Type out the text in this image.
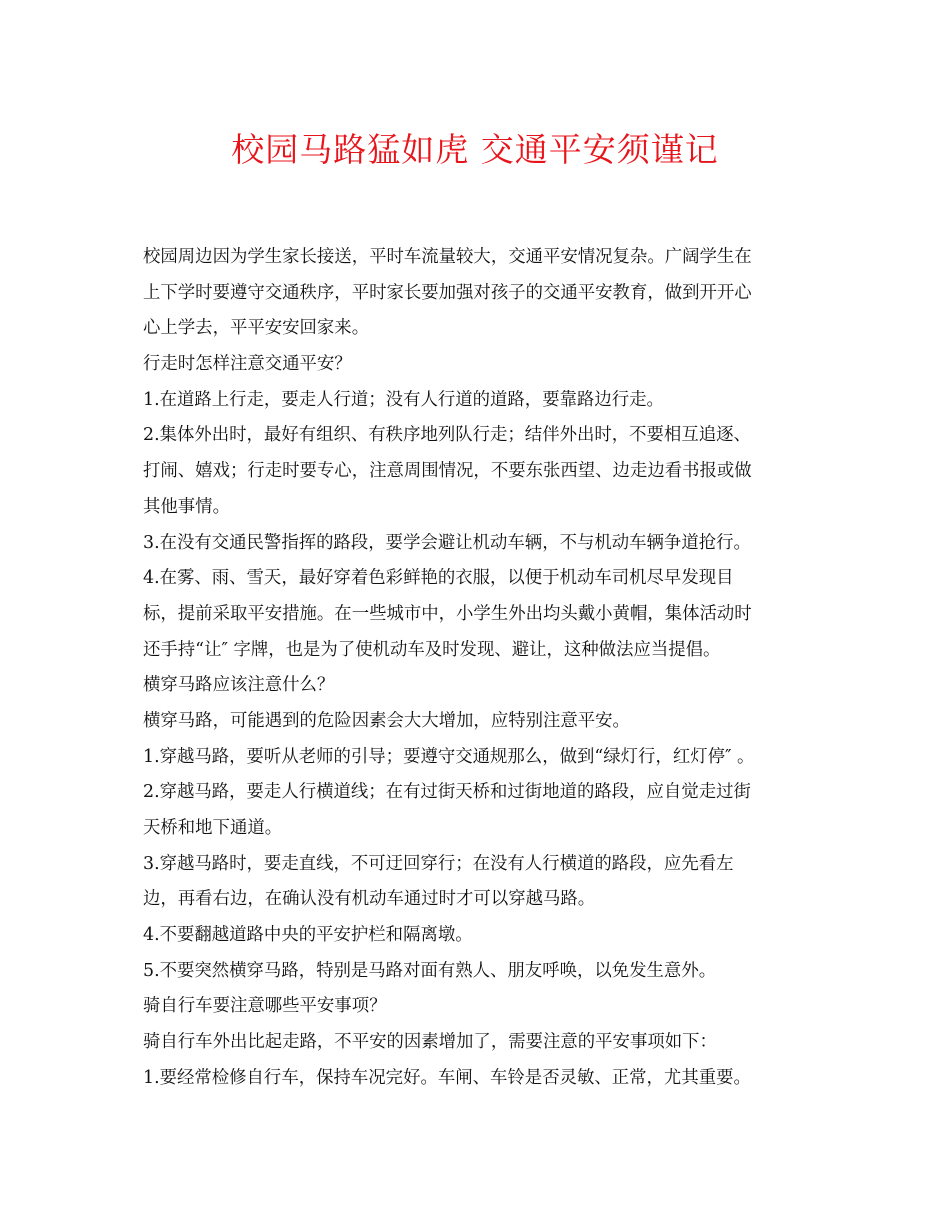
校园马路猛如虎 交通平安须谨记
校园周边因为学生家长接送，平时车流量较大，交通平安情况复杂。广阔学生在
上下学时要遵守交通秩序，平时家长要加强对孩子的交通平安教育，做到开开心
心上学去，平平安安回家来。
行走时怎样注意交通平安？
1.在道路上行走，要走人行道；没有人行道的道路，要靠路边行走。
2.集体外出时，最好有组织、有秩序地列队行走；结伴外出时，不要相互追逐、
打闹、嬉戏；行走时要专心，注意周围情况，不要东张西望、边走边看书报或做
其他事情。
3.在没有交通民警指挥的路段，要学会避让机动车辆，不与机动车辆争道抢行。
4.在雾、雨、雪天，最好穿着色彩鲜艳的衣服，以便于机动车司机尽早发现目
标，提前采取平安措施。在一些城市中，小学生外出均头戴小黄帽，集体活动时
还手持“让″ 字牌，也是为了使机动车及时发现、避让，这种做法应当提倡。
横穿马路应该注意什么？
横穿马路，可能遇到的危险因素会大大增加，应特别注意平安。
1.穿越马路，要听从老师的引导；要遵守交通规那么，做到“绿灯行，红灯停″ 。
2.穿越马路，要走人行横道线；在有过街天桥和过街地道的路段，应自觉走过街
天桥和地下通道。
3.穿越马路时，要走直线，不可迂回穿行；在没有人行横道的路段，应先看左
边，再看右边，在确认没有机动车通过时才可以穿越马路。
4.不要翻越道路中央的平安护栏和隔离墩。
5.不要突然横穿马路，特别是马路对面有熟人、朋友呼唤，以免发生意外。
骑自行车要注意哪些平安事项？
骑自行车外出比起走路，不平安的因素增加了，需要注意的平安事项如下：
1.要经常检修自行车，保持车况完好。车闸、车铃是否灵敏、正常，尤其重要。
